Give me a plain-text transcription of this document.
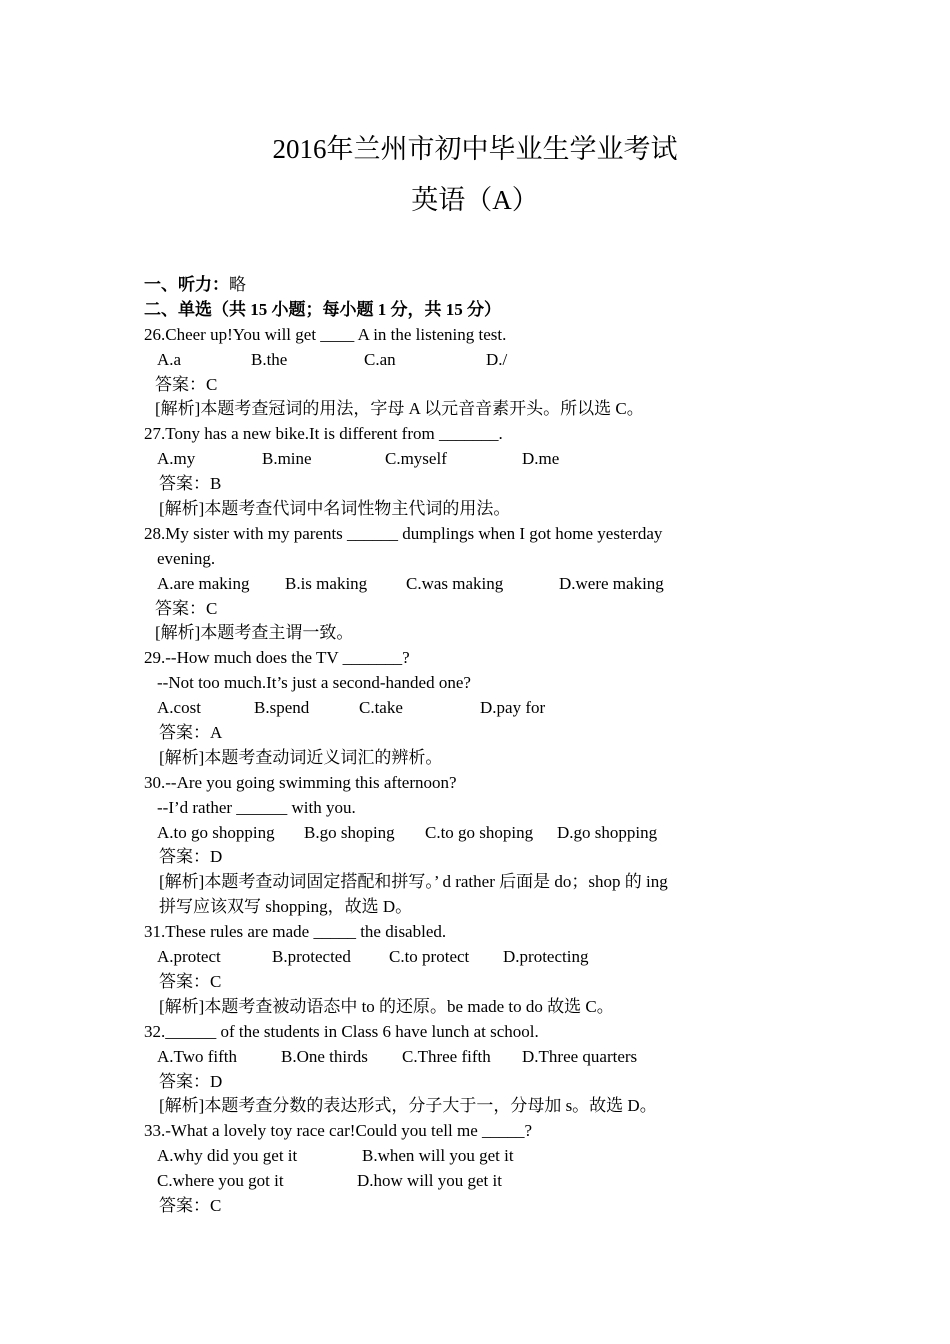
2016年兰州市初中毕业生学业考试
英语（A）
一、听力：略
二、单选（共 15 小题；每小题 1 分，共 15 分）
26.Cheer up!You will get ____ A in the listening test.
A.a	B.the	C.an	D./
答案：C
[解析]本题考查冠词的用法，字母 A 以元音音素开头。所以选 C。
27.Tony has a new bike.It is different from _______.
A.my	B.mine	C.myself	D.me
答案：B
[解析]本题考查代词中名词性物主代词的用法。
28.My sister with my parents ______ dumplings when I got home yesterday
evening.
A.are making	B.is making	C.was making	D.were making
答案：C
[解析]本题考查主谓一致。
29.--How much does the TV _______?
--Not too much.It’s just a second-handed one?
A.cost	B.spend	C.take	D.pay for
答案：A
[解析]本题考查动词近义词汇的辨析。
30.--Are you going swimming this afternoon?
--I’d rather ______ with you.
A.to go shopping	B.go shoping	C.to go shoping	D.go shopping
答案：D
[解析]本题考查动词固定搭配和拼写。’ d rather 后面是 do；shop 的 ing
拼写应该双写 shopping，故选 D。
31.These rules are made _____ the disabled.
A.protect	B.protected	C.to protect	D.protecting
答案：C
[解析]本题考查被动语态中 to 的还原。be made to do 故选 C。
32.______ of the students in Class 6 have lunch at school.
A.Two fifth	B.One thirds	C.Three fifth	D.Three quarters
答案：D
[解析]本题考查分数的表达形式，分子大于一，分母加 s。故选 D。
33.-What a lovely toy race car!Could you tell me _____?
A.why did you get it	B.when will you get it
C.where you got it	D.how will you get it
答案：C
